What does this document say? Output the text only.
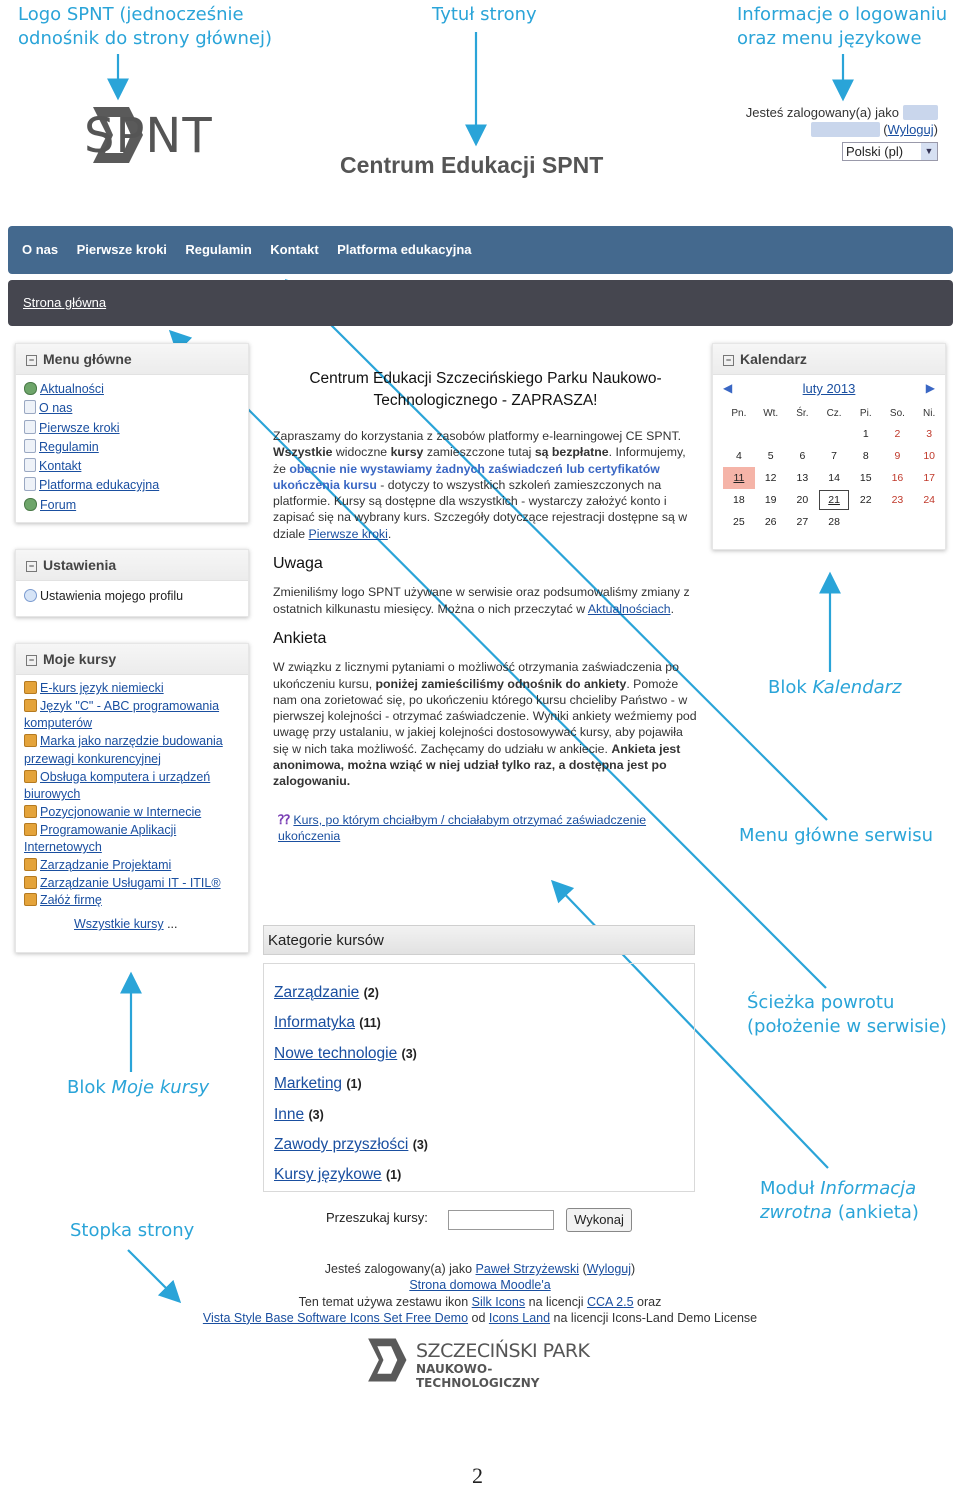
Logo SPNT (jednocześnie
odnośnik do strony głównej)
Tytuł strony	Informacje o logowaniu
oraz menu językowe
Blok Kalendarz
Menu główne serwisu
Ścieżka powrotu
(położenie w serwisie)
Moduł Informacja
zwrotna (ankieta)
Blok Moje kursy
Stopka strony
SPNT
Centrum Edukacji SPNT
Jesteś zalogowany(a) jako
(Wyloguj)
Polski (pl)	▼
O nas Pierwsze kroki Regulamin Kontakt Platforma edukacyjna
Strona główna
− Menu główne
Aktualności
O nas
Pierwsze kroki
Regulamin
Kontakt
Platforma edukacyjna
Forum
− Ustawienia
Ustawienia mojego profilu
− Moje kursy
E-kurs język niemiecki
Język "C" - ABC programowania
komputerów
Marka jako narzędzie budowania
przewagi konkurencyjnej
Obsługa komputera i urządzeń
biurowych
Pozycjonowanie w Internecie
Programowanie Aplikacji
Internetowych
Zarządzanie Projektami
Zarządzanie Usługami IT - ITIL®
Załóż firmę
Wszystkie kursy ...
Centrum Edukacji Szczecińskiego Parku Naukowo-Technologicznego - ZAPRASZA!

Zapraszamy do korzystania z zasobów platformy e-learningowej CE SPNT. Wszystkie widoczne kursy zamieszczone tutaj są bezpłatne. Informujemy, że obecnie nie wystawiamy żadnych zaświadczeń lub certyfikatów ukończenia kursu - dotyczy to wszystkich szkoleń zamieszczonych na platformie. Kursy są dostępne dla wszystkich - wystarczy założyć konto i zapisać się na wybrany kurs. Szczegóły dotyczące rejestracji dostępne są w dziale Pierwsze kroki.

Uwaga

Zmieniliśmy logo SPNT używane w serwisie oraz podsumowaliśmy zmiany z ostatnich kilkunastu miesięcy. Można o nich przeczytać w Aktualnościach.

Ankieta

W związku z licznymi pytaniami o możliwość otrzymania zaświadczenia po ukończeniu kursu, poniżej zamieściliśmy odnośnik do ankiety. Pomoże nam ona zorietować się, po ukończeniu którego kursu chcieliby Państwo - w pierwszej kolejności - otrzymać zaświadczenie. Wyniki ankiety weźmiemy pod uwagę przy ustalaniu, w jakiej kolejności dostosowywać kursy, aby pojawiła się w nich taka możliwość. Zachęcamy do udziału w ankiecie. Ankieta jest anonimowa, można wziąć w niej udział tylko raz, a dostępna jest po zalogowaniu.

⁇ Kurs, po którym chciałbym / chciałabym otrzymać zaświadczenie ukończenia
Kategorie kursów
Zarządzanie (2)
Informatyka (11)
Nowe technologie (3)
Marketing (1)
Inne (3)
Zawody przyszłości (3)
Kursy językowe (1)
Przeszukaj kursy:	Wykonaj
Jesteś zalogowany(a) jako Paweł Strzyżewski (Wyloguj)
Strona domowa Moodle'a
Ten temat używa zestawu ikon Silk Icons na licencji CCA 2.5 oraz
Vista Style Base Software Icons Set Free Demo od Icons Land na licencji Icons-Land Demo License
SZCZECIŃSKI PARK
NAUKOWO-TECHNOLOGICZNY
− Kalendarz
◀	luty 2013	▶
Pn.	Wt.	Śr.	Cz.	Pi.	So.	Ni.
				1	2	3
4	5	6	7	8	9	10
11	12	13	14	15	16	17
18	19	20	21	22	23	24
25	26	27	28			
2
